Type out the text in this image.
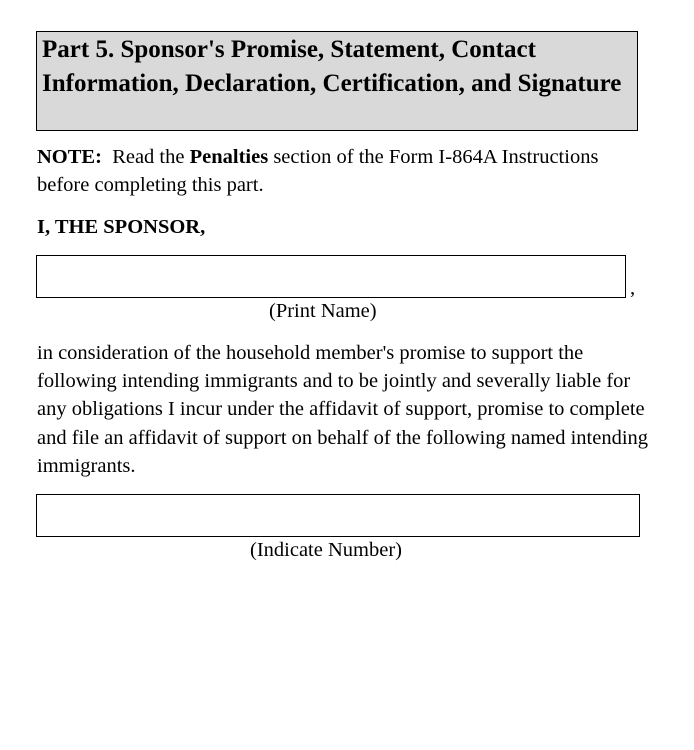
Part 5. Sponsor's Promise, Statement, Contact Information, Declaration, Certification, and Signature
NOTE:  Read the Penalties section of the Form I-864A Instructions before completing this part.
I, THE SPONSOR,
,
(Print Name)
in consideration of the household member's promise to support the following intending immigrants and to be jointly and severally liable for any obligations I incur under the affidavit of support, promise to complete and file an affidavit of support on behalf of the following named intending immigrants.
(Indicate Number)
